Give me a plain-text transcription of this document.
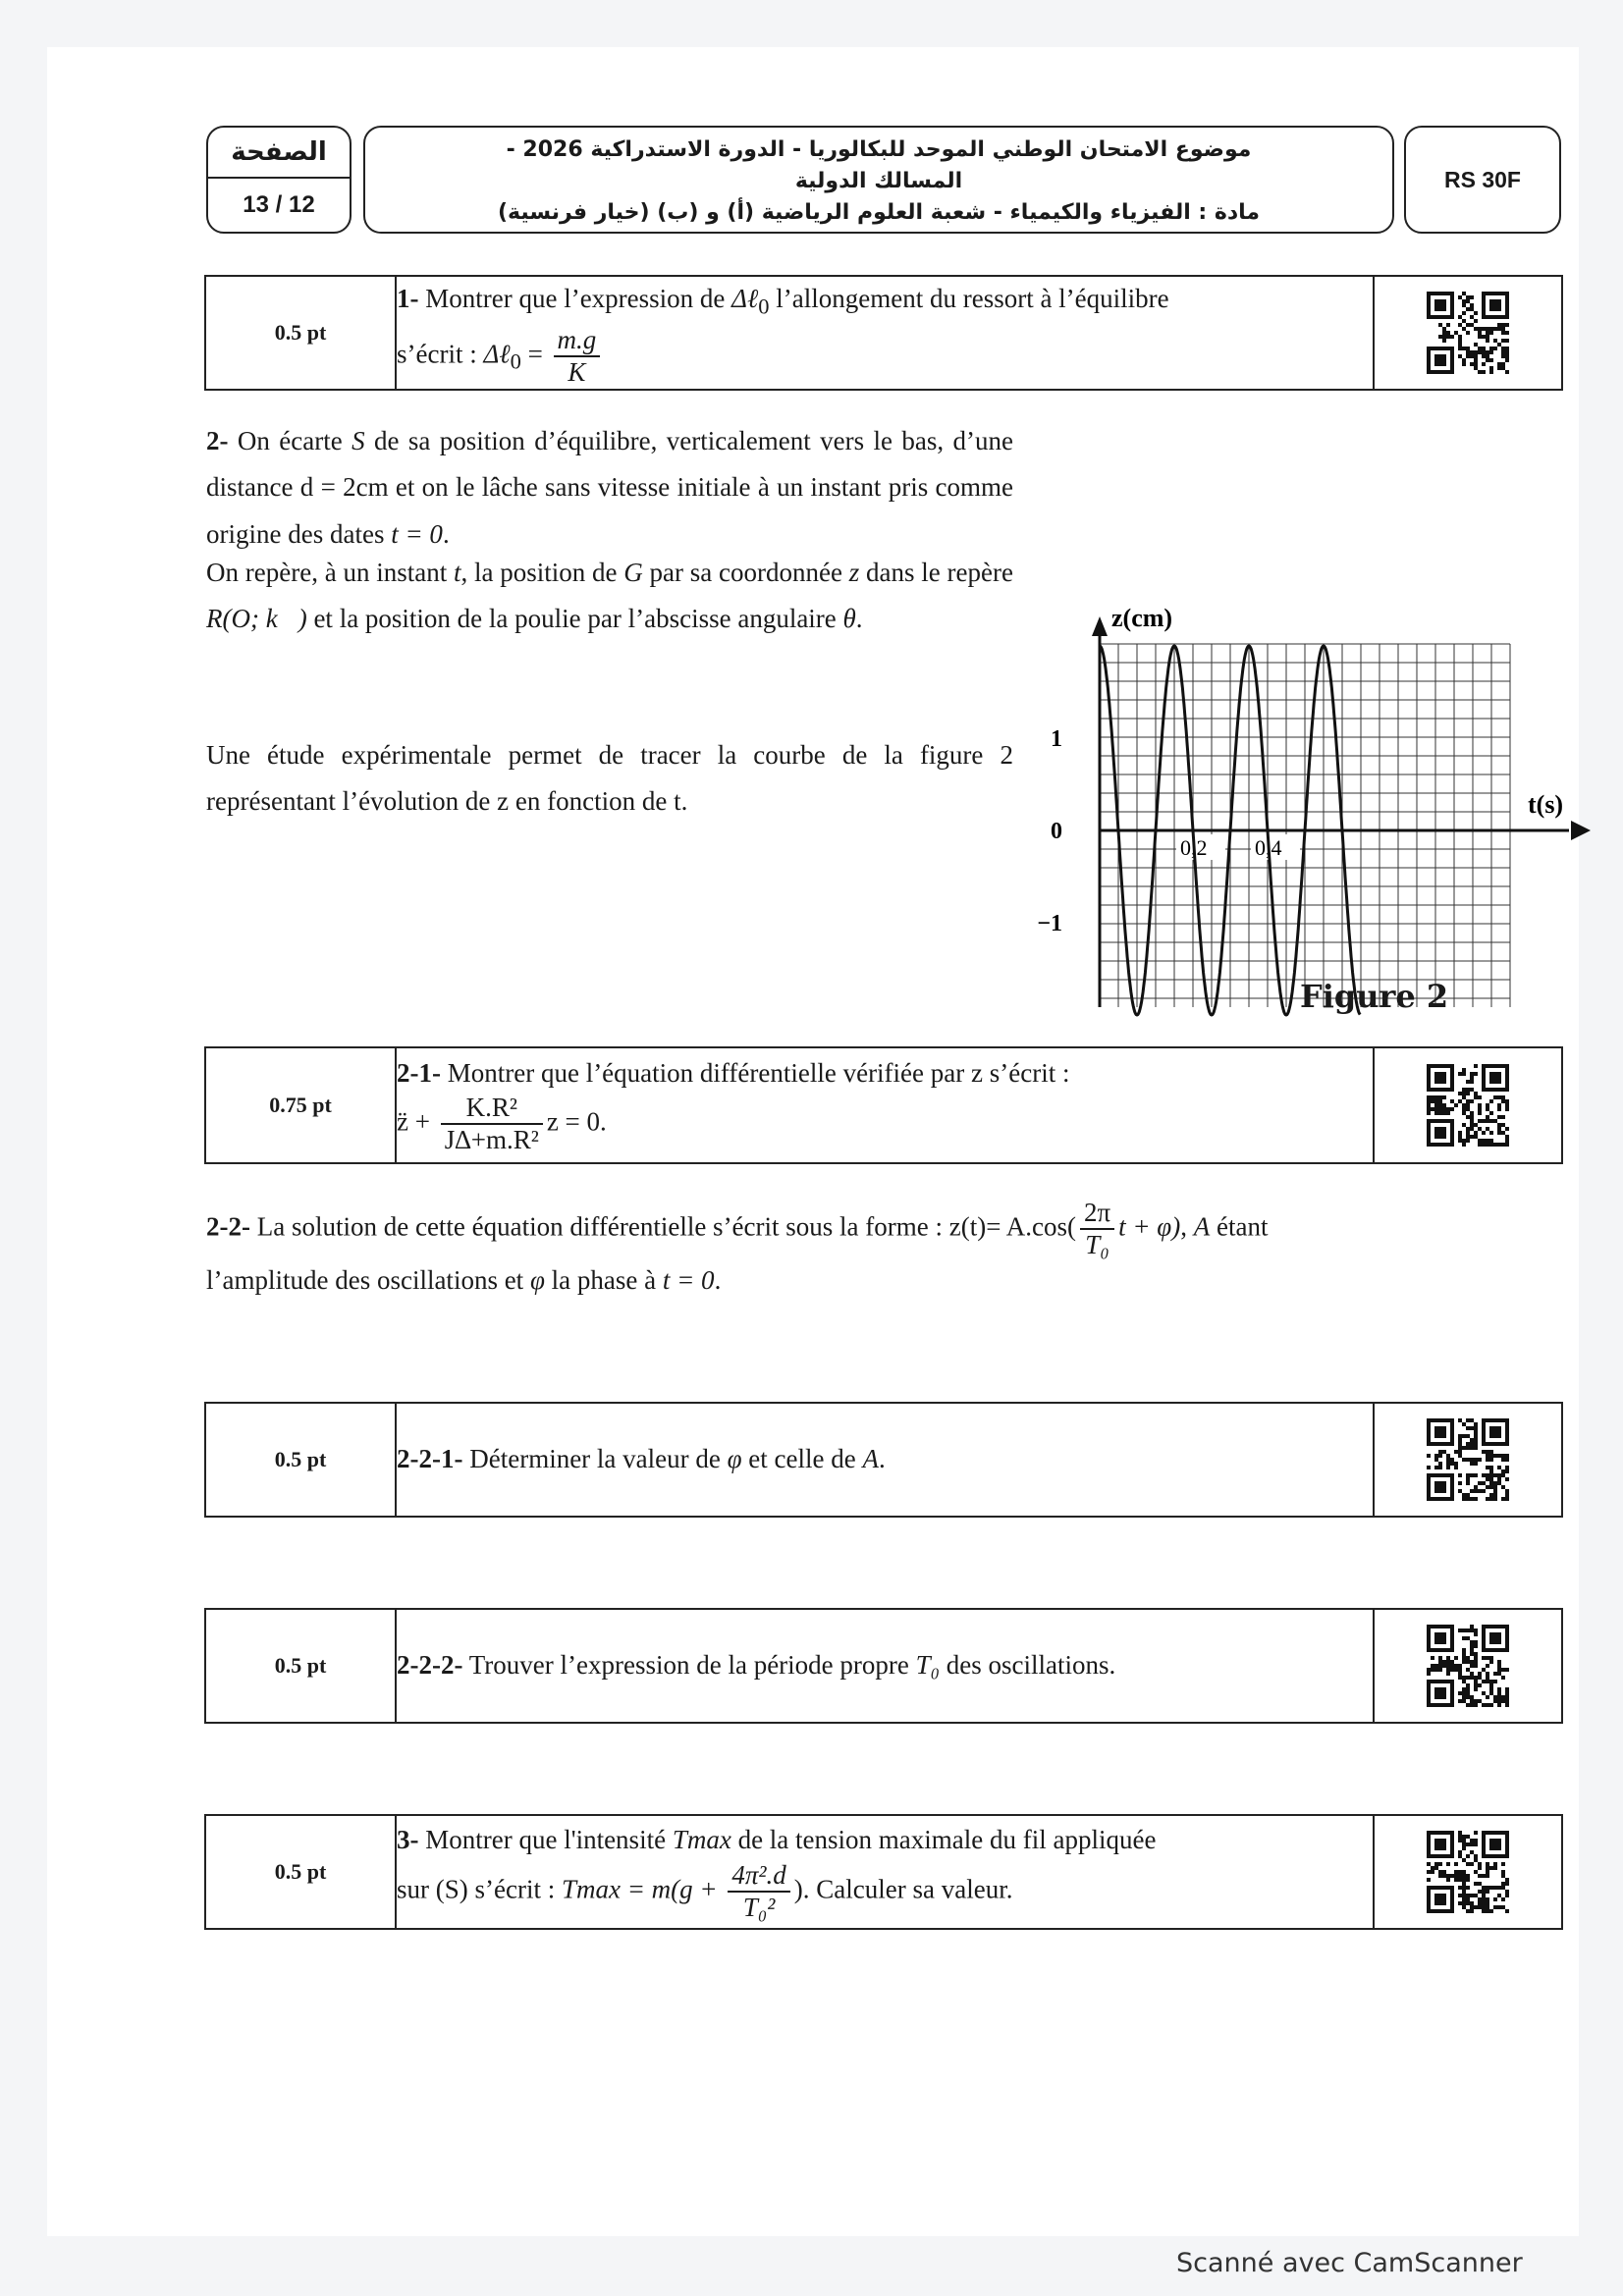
الصفحة
13 / 12
موضوع الامتحان الوطني الموحد للبكالوريا - الدورة الاستدراكية 2026 -
المسالك الدولية
مادة : الفيزياء والكيمياء - شعبة العلوم الرياضية (أ) و (ب) (خيار فرنسية)
RS 30F
0.5 pt	1- Montrer que l’expression de Δℓ$_0$ l’allongement du ressort à l’équilibre
s’écrit : Δℓ$_0$ = $\frac{m.g}{K}$

2- On écarte S de sa position d’équilibre, verticalement vers le bas, d’une distance d = 2cm et on le lâche sans vitesse initiale à un instant pris comme origine des dates t = 0.
On repère, à un instant t, la position de G par sa coordonnée z dans le repère R(O; k⃗) et la position de la poulie par l’abscisse angulaire θ.
Une étude expérimentale permet de tracer la courbe de la figure 2 représentant l’évolution de z en fonction de t.
z(cm)
t(s)
1
0
−1
0,2 0,4
Figure 2
0.75 pt	2-1- Montrer que l’équation différentielle vérifiée par z s’écrit :
z̈ + $\frac{\text{K.R²}}{\text{J∆+m.R²}}$ z = 0.	
2-2- La solution de cette équation différentielle s’écrit sous la forme : $z(t)= A.\cos( \frac{2\pi}{\text{T₀}}$ t + φ), A étant
l’amplitude des oscillations et φ la phase à t = 0.
0.5 pt	2-2-1- Déterminer la valeur de φ et celle de A.	
0.5 pt	2-2-2- Trouver l’expression de la période propre T₀ des oscillations.	
0.5 pt	3- Montrer que l'intensité Tmax de la tension maximale du fil appliquée
sur (S) s’écrit : $Tmax = m(g + \frac{\text{4π².d}}{\text{T₀²}}$ ). Calculer sa valeur.	
Scanné avec CamScanner
